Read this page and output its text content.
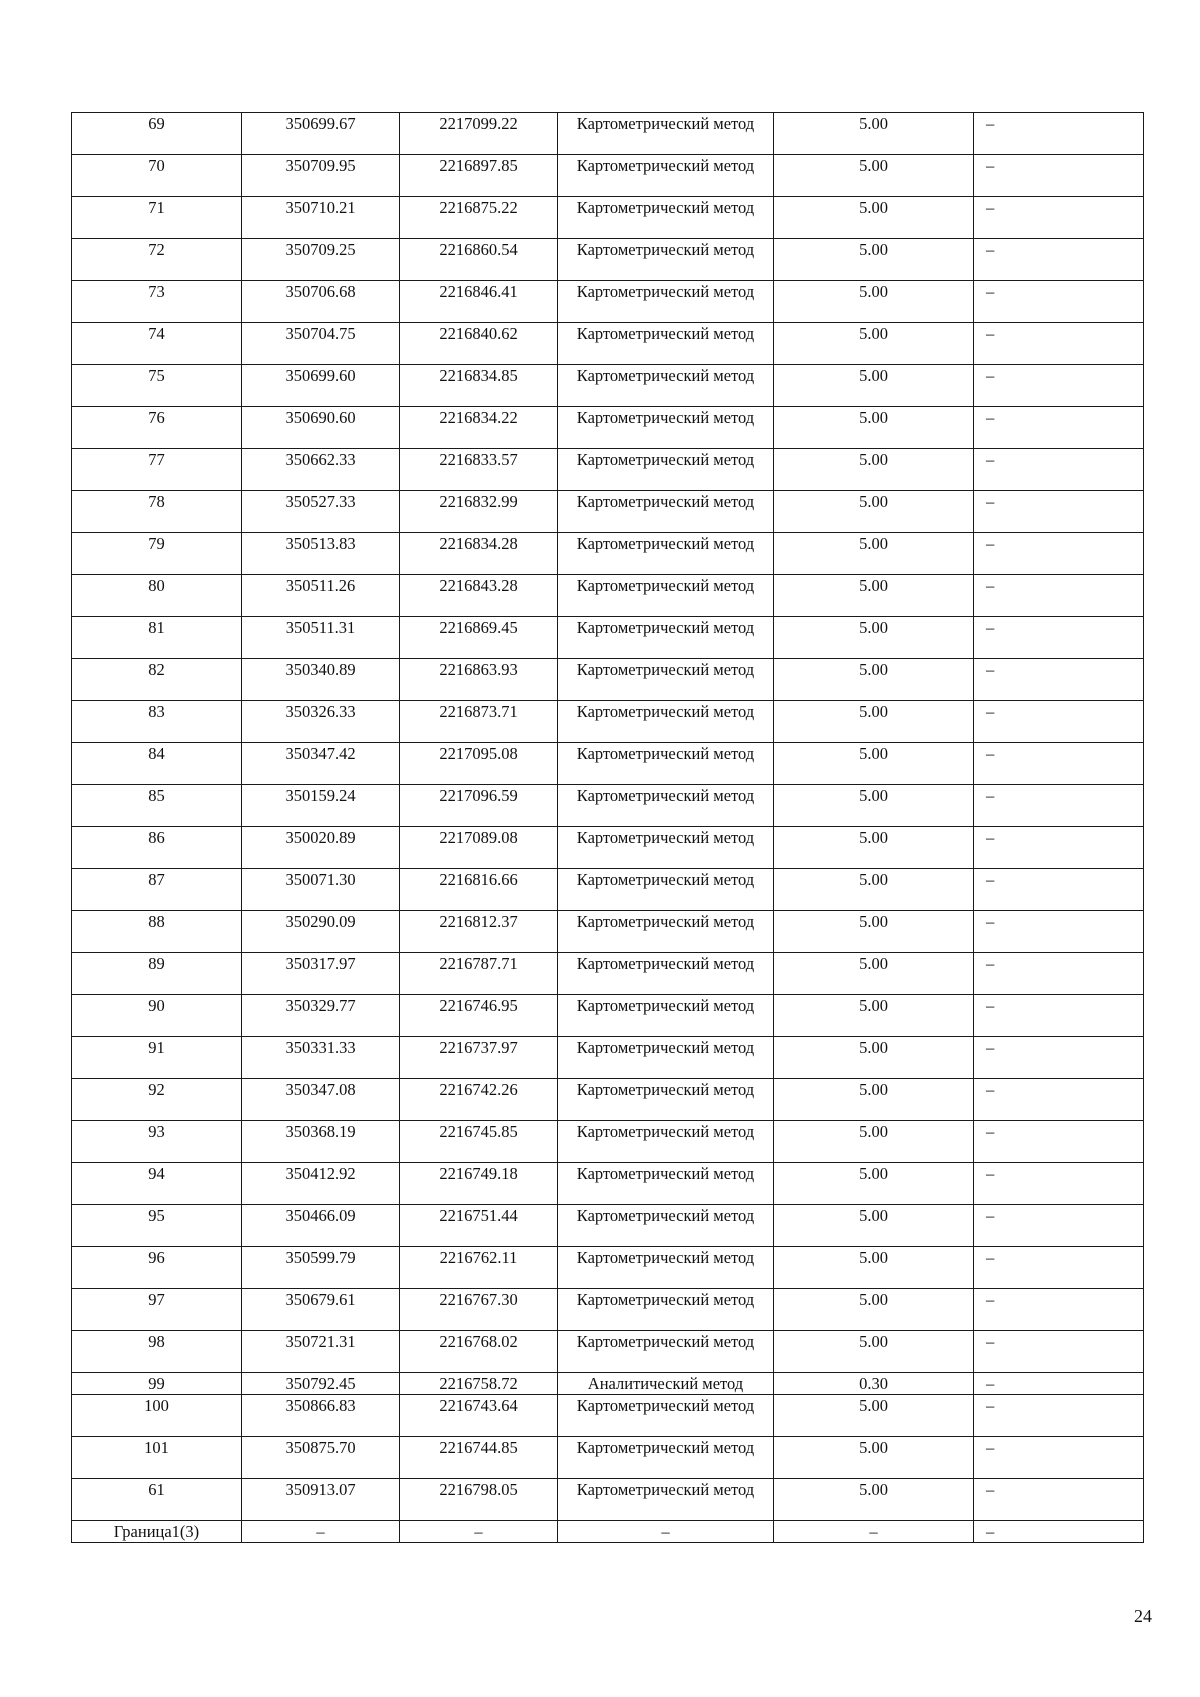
69	350699.67	2217099.22	Картометрический метод	5.00	–
70	350709.95	2216897.85	Картометрический метод	5.00	–
71	350710.21	2216875.22	Картометрический метод	5.00	–
72	350709.25	2216860.54	Картометрический метод	5.00	–
73	350706.68	2216846.41	Картометрический метод	5.00	–
74	350704.75	2216840.62	Картометрический метод	5.00	–
75	350699.60	2216834.85	Картометрический метод	5.00	–
76	350690.60	2216834.22	Картометрический метод	5.00	–
77	350662.33	2216833.57	Картометрический метод	5.00	–
78	350527.33	2216832.99	Картометрический метод	5.00	–
79	350513.83	2216834.28	Картометрический метод	5.00	–
80	350511.26	2216843.28	Картометрический метод	5.00	–
81	350511.31	2216869.45	Картометрический метод	5.00	–
82	350340.89	2216863.93	Картометрический метод	5.00	–
83	350326.33	2216873.71	Картометрический метод	5.00	–
84	350347.42	2217095.08	Картометрический метод	5.00	–
85	350159.24	2217096.59	Картометрический метод	5.00	–
86	350020.89	2217089.08	Картометрический метод	5.00	–
87	350071.30	2216816.66	Картометрический метод	5.00	–
88	350290.09	2216812.37	Картометрический метод	5.00	–
89	350317.97	2216787.71	Картометрический метод	5.00	–
90	350329.77	2216746.95	Картометрический метод	5.00	–
91	350331.33	2216737.97	Картометрический метод	5.00	–
92	350347.08	2216742.26	Картометрический метод	5.00	–
93	350368.19	2216745.85	Картометрический метод	5.00	–
94	350412.92	2216749.18	Картометрический метод	5.00	–
95	350466.09	2216751.44	Картометрический метод	5.00	–
96	350599.79	2216762.11	Картометрический метод	5.00	–
97	350679.61	2216767.30	Картометрический метод	5.00	–
98	350721.31	2216768.02	Картометрический метод	5.00	–
99	350792.45	2216758.72	Аналитический метод	0.30	–
100	350866.83	2216743.64	Картометрический метод	5.00	–
101	350875.70	2216744.85	Картометрический метод	5.00	–
61	350913.07	2216798.05	Картометрический метод	5.00	–
Граница1(3)	–	–	–	–	–
24
